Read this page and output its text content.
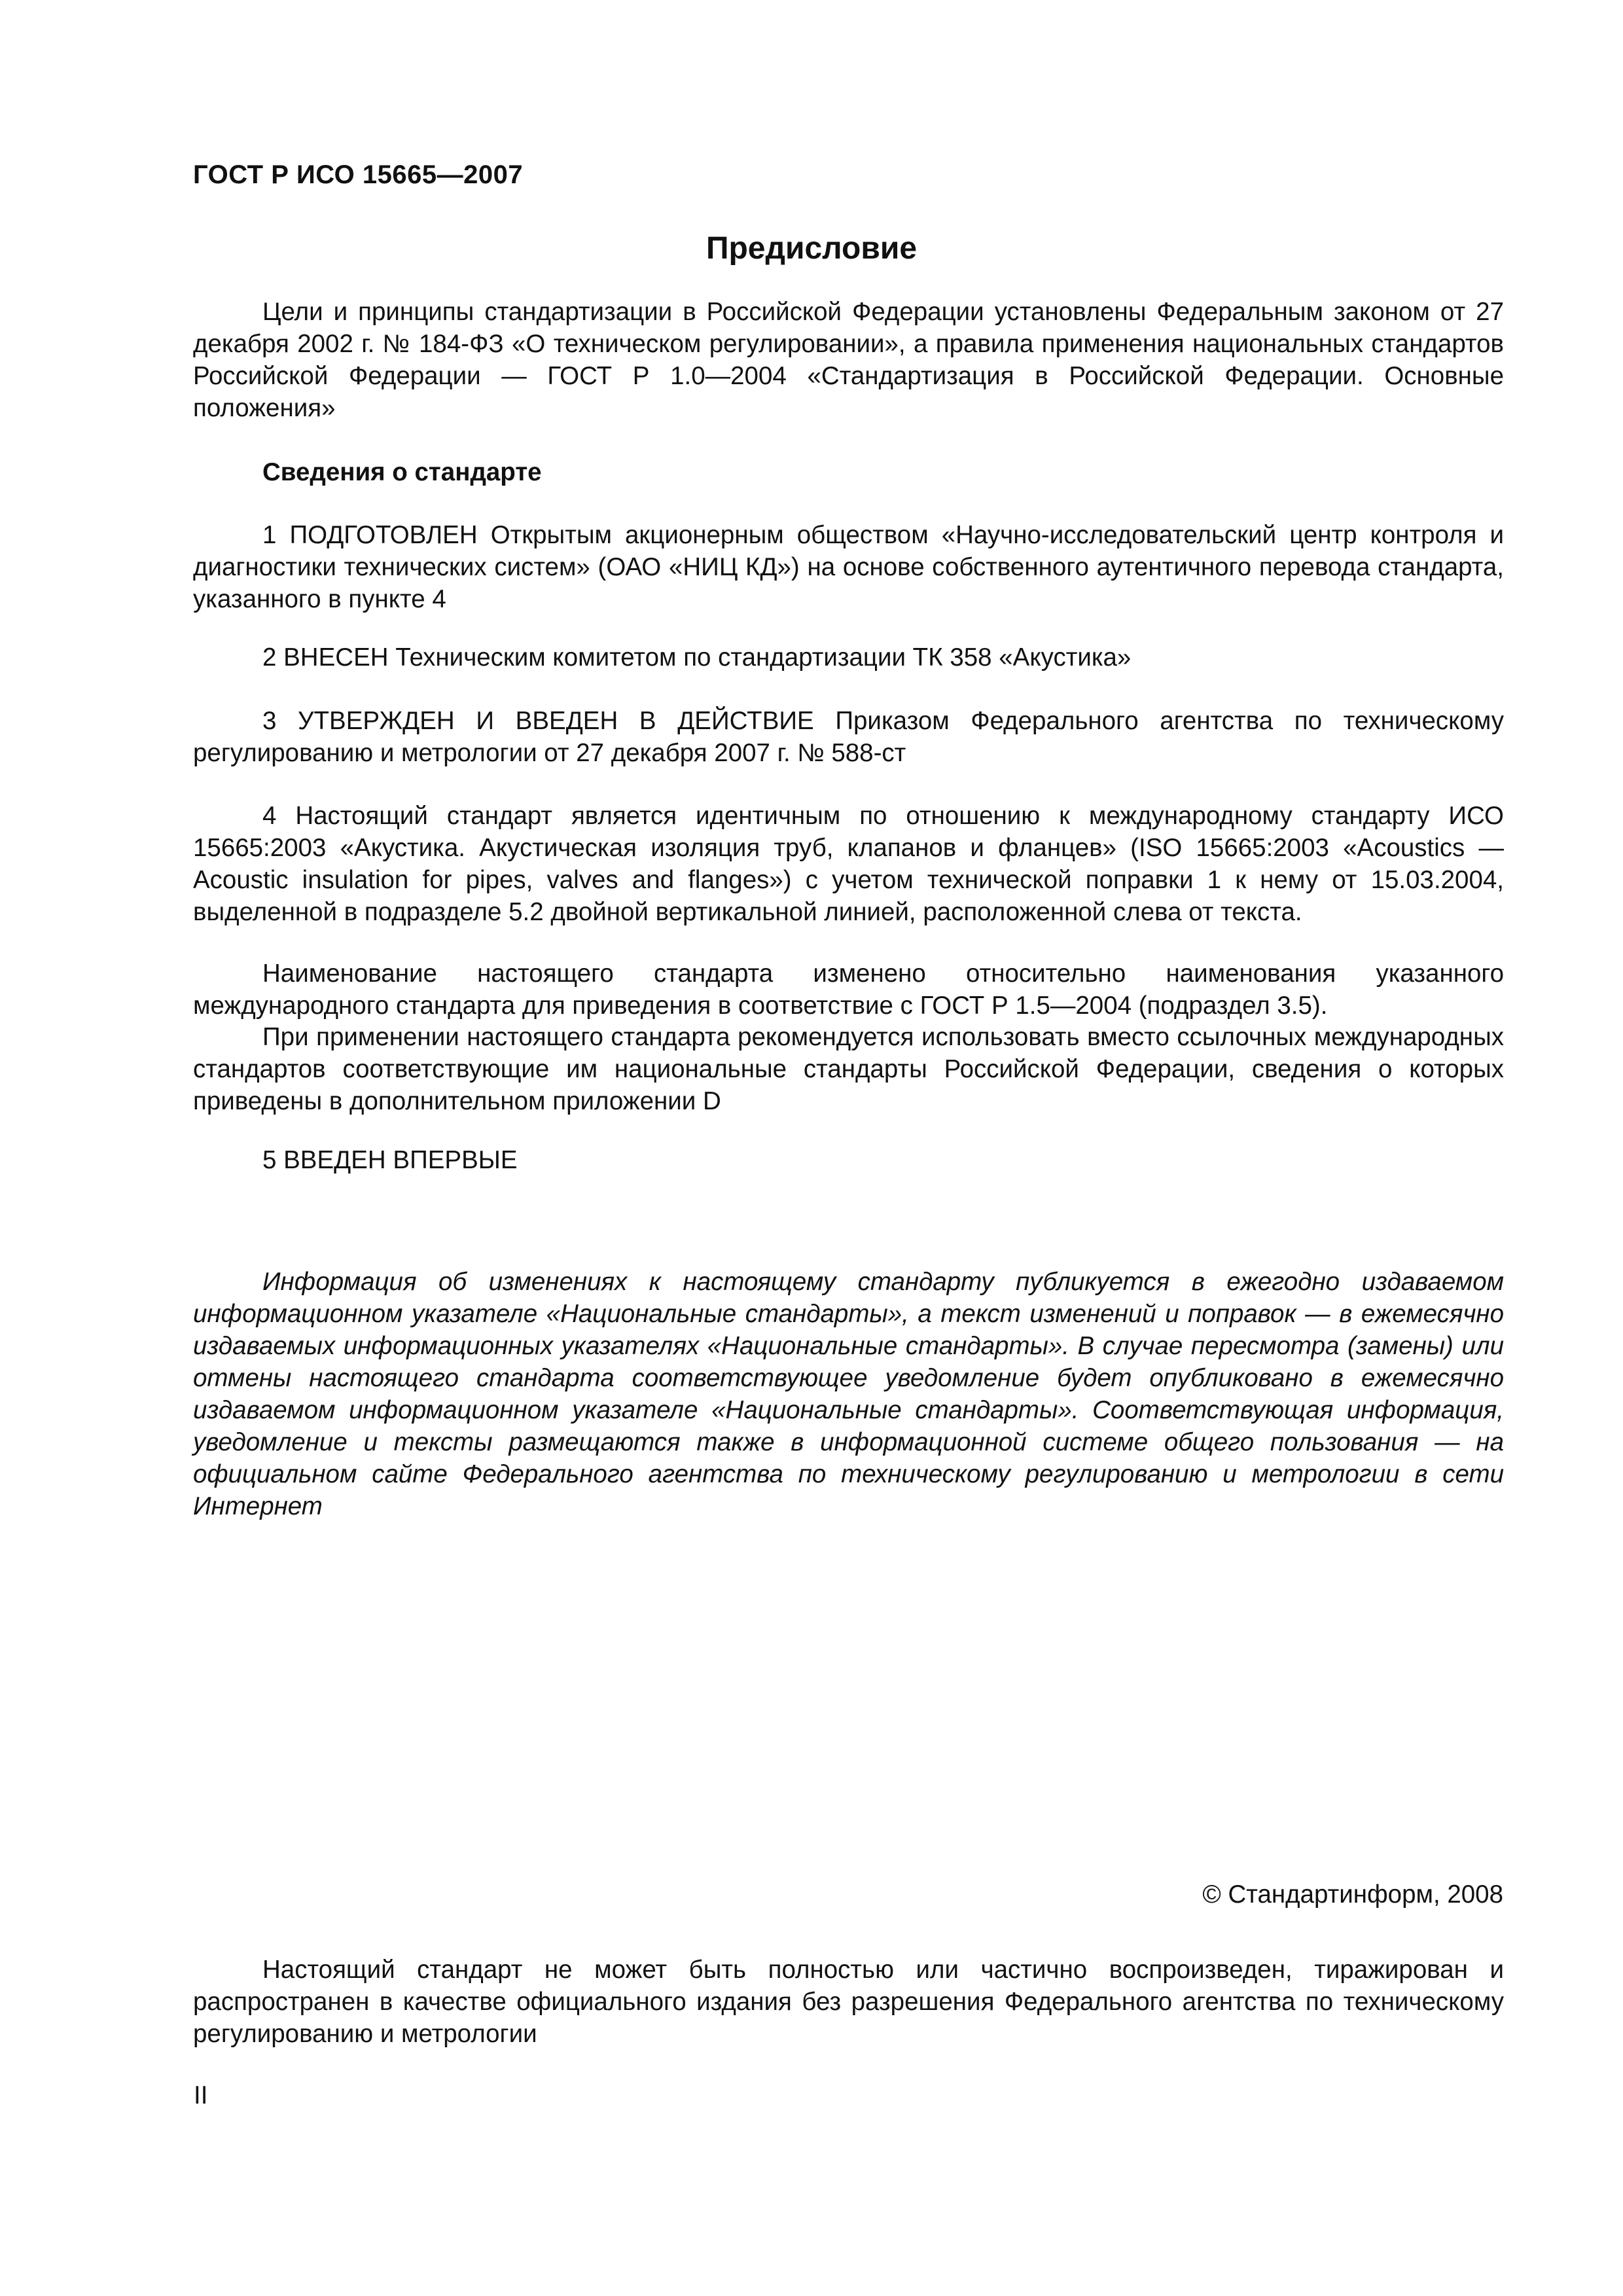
ГОСТ Р ИСО 15665—2007
Предисловие
Цели и принципы стандартизации в Российской Федерации установлены Федеральным законом от 27 декабря 2002 г. № 184-ФЗ «О техническом регулировании», а правила применения национальных стандартов Российской Федерации — ГОСТ Р 1.0—2004 «Стандартизация в Российской Федерации. Основные положения»
Сведения о стандарте
1 ПОДГОТОВЛЕН Открытым акционерным обществом «Научно-исследовательский центр контроля и диагностики технических систем» (ОАО «НИЦ КД») на основе собственного аутентичного перевода стандарта, указанного в пункте 4
2 ВНЕСЕН Техническим комитетом по стандартизации ТК 358 «Акустика»
3 УТВЕРЖДЕН И ВВЕДЕН В ДЕЙСТВИЕ Приказом Федерального агентства по техническому регулированию и метрологии от 27 декабря 2007 г. № 588-ст
4 Настоящий стандарт является идентичным по отношению к международному стандарту ИСО 15665:2003 «Акустика. Акустическая изоляция труб, клапанов и фланцев» (ISO 15665:2003 «Acoustics — Acoustic insulation for pipes, valves and flanges») с учетом технической поправки 1 к нему от 15.03.2004, выделенной в подразделе 5.2 двойной вертикальной линией, расположенной слева от текста.
Наименование настоящего стандарта изменено относительно наименования указанного международного стандарта для приведения в соответствие с ГОСТ Р 1.5—2004 (подраздел 3.5).
При применении настоящего стандарта рекомендуется использовать вместо ссылочных международных стандартов соответствующие им национальные стандарты Российской Федерации, сведения о которых приведены в дополнительном приложении D
5 ВВЕДЕН ВПЕРВЫЕ
Информация об изменениях к настоящему стандарту публикуется в ежегодно издаваемом информационном указателе «Национальные стандарты», а текст изменений и поправок — в ежемесячно издаваемых информационных указателях «Национальные стандарты». В случае пересмотра (замены) или отмены настоящего стандарта соответствующее уведомление будет опубликовано в ежемесячно издаваемом информационном указателе «Национальные стандарты». Соответствующая информация, уведомление и тексты размещаются также в информационной системе общего пользования — на официальном сайте Федерального агентства по техническому регулированию и метрологии в сети Интернет
© Стандартинформ, 2008
Настоящий стандарт не может быть полностью или частично воспроизведен, тиражирован и распространен в качестве официального издания без разрешения Федерального агентства по техническому регулированию и метрологии
II
